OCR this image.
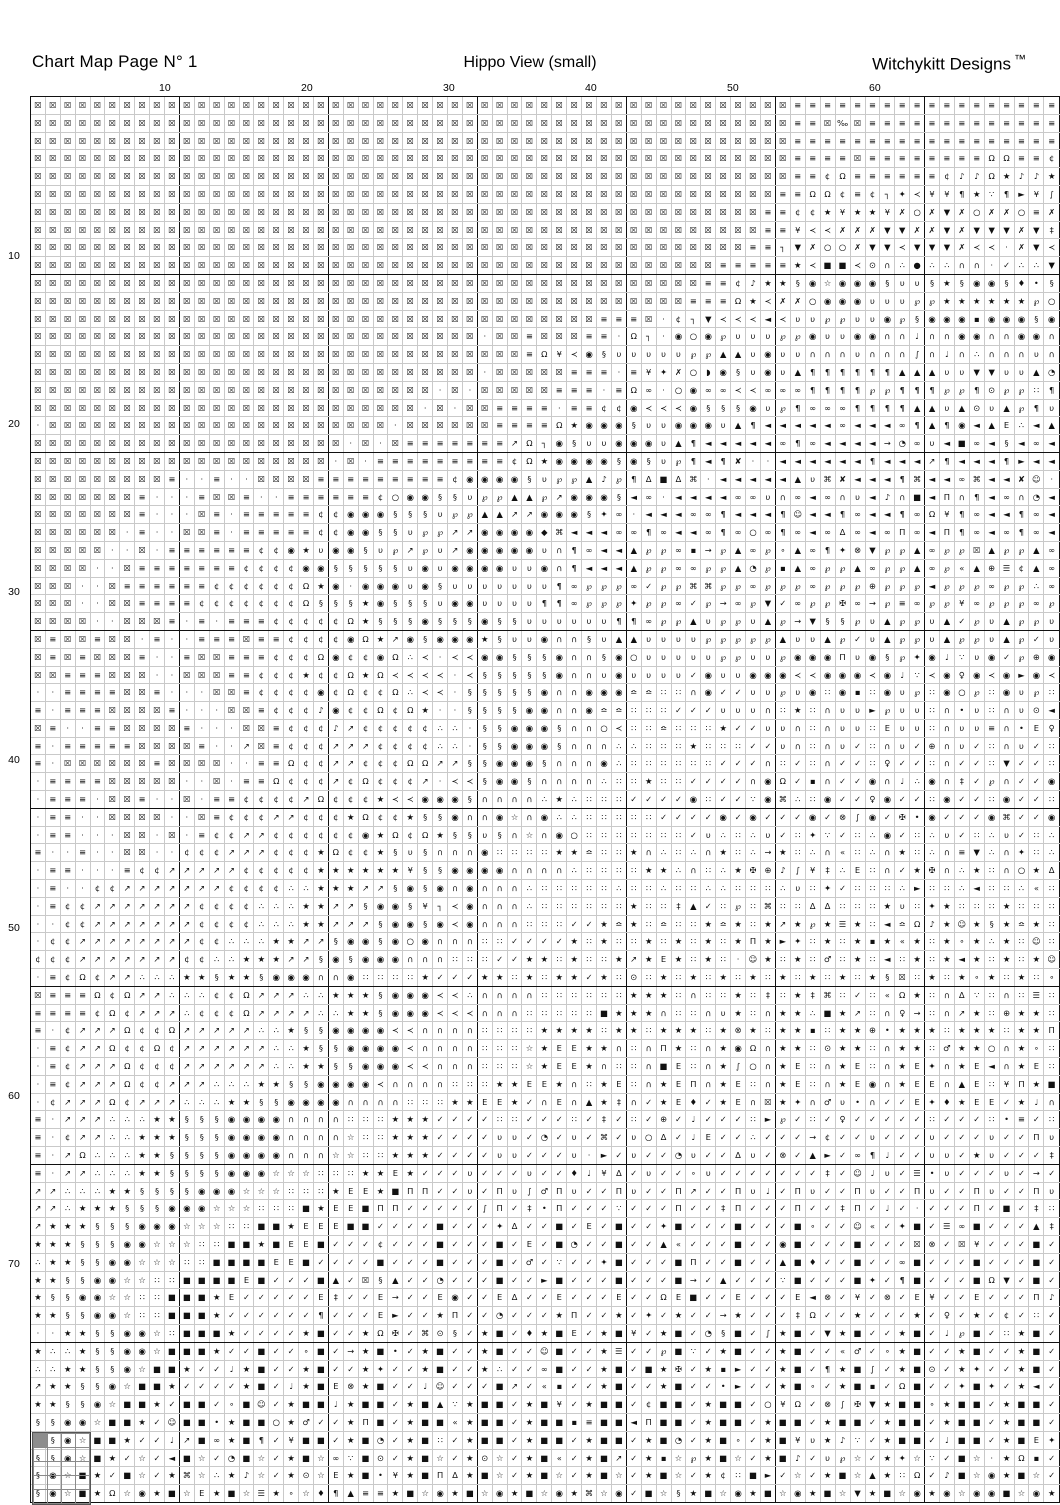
Chart Map Page N° 1	Hippo View (small)	Witchykitt Designs ™
10	20	30	40	50	60
10
20
30
40
50
60
70
☒	☒	☒	☒	☒	☒	☒	☒	☒	☒	☒	☒	☒	☒	☒	☒	☒	☒	☒	☒	☒	☒	☒	☒	☒	☒	☒	☒	☒	☒	☒	☒	☒	☒	☒	☒	☒	☒	☒	☒	☒	☒	☒	☒	☒	☒	☒	☒	☒	☒	☒	≡	≡	≡	≡	≡	≡	≡	≡	≡	≡	≡	≡	≡	≡	≡	≡	≡	≡
☒	☒	☒	☒	☒	☒	☒	☒	☒	☒	☒	☒	☒	☒	☒	☒	☒	☒	☒	☒	☒	☒	☒	☒	☒	☒	☒	☒	☒	☒	☒	☒	☒	☒	☒	☒	☒	☒	☒	☒	☒	☒	☒	☒	☒	☒	☒	☒	☒	☒	☒	≡	≡	☒	‰	☒	≡	≡	≡	≡	≡	≡	≡	≡	≡	≡	≡	≡	≡
☒	☒	☒	☒	☒	☒	☒	☒	☒	☒	☒	☒	☒	☒	☒	☒	☒	☒	☒	☒	☒	☒	☒	☒	☒	☒	☒	☒	☒	☒	☒	☒	☒	☒	☒	☒	☒	☒	☒	☒	☒	☒	☒	☒	☒	☒	☒	☒	☒	☒	☒	≡	≡	≡	≡	≡	≡	≡	≡	≡	≡	≡	≡	≡	≡	≡	≡	≡	≡
☒	☒	☒	☒	☒	☒	☒	☒	☒	☒	☒	☒	☒	☒	☒	☒	☒	☒	☒	☒	☒	☒	☒	☒	☒	☒	☒	☒	☒	☒	☒	☒	☒	☒	☒	☒	☒	☒	☒	☒	☒	☒	☒	☒	☒	☒	☒	☒	☒	☒	☒	≡	≡	≡	≡	☒	≡	≡	≡	≡	≡	≡	≡	≡	Ω	Ω	≡	≡	¢
☒	☒	☒	☒	☒	☒	☒	☒	☒	☒	☒	☒	☒	☒	☒	☒	☒	☒	☒	☒	☒	☒	☒	☒	☒	☒	☒	☒	☒	☒	☒	☒	☒	☒	☒	☒	☒	☒	☒	☒	☒	☒	☒	☒	☒	☒	☒	☒	☒	☒	☒	≡	≡	¢	Ω	≡	≡	≡	≡	≡	≡	¢	♪	♪	Ω	★	♪	♪	★
☒	☒	☒	☒	☒	☒	☒	☒	☒	☒	☒	☒	☒	☒	☒	☒	☒	☒	☒	☒	☒	☒	☒	☒	☒	☒	☒	☒	☒	☒	☒	☒	☒	☒	☒	☒	☒	☒	☒	☒	☒	☒	☒	☒	☒	☒	☒	☒	☒	☒	≡	≡	Ω	Ω	¢	≡	¢	┐	✦	≺	¥	¥	¶	★	∵	¶	►	¥	∫
☒	☒	☒	☒	☒	☒	☒	☒	☒	☒	☒	☒	☒	☒	☒	☒	☒	☒	☒	☒	☒	☒	☒	☒	☒	☒	☒	☒	☒	☒	☒	☒	☒	☒	☒	☒	☒	☒	☒	☒	☒	☒	☒	☒	☒	☒	☒	☒	☒	≡	≡	¢	¢	★	¥	★	★	¥	✗	○	✗	▼	✗	○	✗	✗	○	≡	✗
☒	☒	☒	☒	☒	☒	☒	☒	☒	☒	☒	☒	☒	☒	☒	☒	☒	☒	☒	☒	☒	☒	☒	☒	☒	☒	☒	☒	☒	☒	☒	☒	☒	☒	☒	☒	☒	☒	☒	☒	☒	☒	☒	☒	☒	☒	☒	☒	☒	≡	≡	¥	≺	≺	✗	✗	✗	▼	▼	✗	✗	▼	✗	▼	▼	▼	✗	▼	‡
☒	☒	☒	☒	☒	☒	☒	☒	☒	☒	☒	☒	☒	☒	☒	☒	☒	☒	☒	☒	☒	☒	☒	☒	☒	☒	☒	☒	☒	☒	☒	☒	☒	☒	☒	☒	☒	☒	☒	☒	☒	☒	☒	☒	☒	☒	☒	☒	≡	≡	┐	▼	✗	○	○	✗	▼	▼	≺	▼	▼	▼	✗	≺	≺	·	✗	▼	≺
☒	☒	☒	☒	☒	☒	☒	☒	☒	☒	☒	☒	☒	☒	☒	☒	☒	☒	☒	☒	☒	☒	☒	☒	☒	☒	☒	☒	☒	☒	☒	☒	☒	☒	☒	☒	☒	☒	☒	☒	☒	☒	☒	☒	☒	☒	≡	≡	≡	≡	≡	★	≺	■	■	≺	⊙	∩	∴	●	∴	∴	∩	∩	·	✓	∴	∴	▼
☒	☒	☒	☒	☒	☒	☒	☒	☒	☒	☒	☒	☒	☒	☒	☒	☒	☒	☒	☒	☒	☒	☒	☒	☒	☒	☒	☒	☒	☒	☒	☒	☒	☒	☒	☒	☒	☒	☒	☒	☒	☒	☒	☒	☒	≡	≡	¢	♪	★	★	§	◉	☆	◉	◉	◉	§	υ	υ	§	★	§	◉	◉	§	♦	•	§
☒	☒	☒	☒	☒	☒	☒	☒	☒	☒	☒	☒	☒	☒	☒	☒	☒	☒	☒	☒	☒	☒	☒	☒	☒	☒	☒	☒	☒	☒	☒	☒	☒	☒	☒	☒	☒	☒	☒	☒	☒	☒	☒	☒	≡	≡	≡	Ω	★	≺	✗	✗	○	◉	◉	◉	υ	υ	υ	℘	℘	★	★	★	★	★	★	℘	○
☒	☒	☒	☒	☒	☒	☒	☒	☒	☒	☒	☒	☒	☒	☒	☒	☒	☒	☒	☒	☒	☒	☒	☒	☒	☒	☒	☒	☒	☒	☒	☒	☒	☒	☒	☒	☒	☒	≡	≡	≡	☒	·	¢	┐	▼	≺	≺	≺	◄	≺	υ	υ	℘	℘	υ	υ	◉	℘	§	◉	◉	◉	▪	◉	◉	◉	§	◉
☒	☒	☒	☒	☒	☒	☒	☒	☒	☒	☒	☒	☒	☒	☒	☒	☒	☒	☒	☒	☒	☒	☒	☒	☒	☒	☒	☒	☒	☒	·	☒	☒	≡	☒	☒	☒	≡	≡	·	Ω	┐	·	◉	○	◉	℘	υ	υ	υ	℘	℘	◉	υ	υ	◉	◉	∩	∩	♩	∩	∩	◉	◉	∩	∩	◉	◉	∩
☒	☒	☒	☒	☒	☒	☒	☒	☒	☒	☒	☒	☒	☒	☒	☒	☒	☒	☒	☒	☒	☒	☒	☒	☒	☒	☒	☒	☒	☒	☒	☒	☒	≡	Ω	¥	≺	◉	§	υ	υ	υ	υ	υ	℘	℘	▲	▲	υ	◉	υ	υ	∩	∩	∩	υ	∩	∩	∩	∫	∩	♩	∩	∴	∩	∩	∩	υ	∩
☒	☒	☒	☒	☒	☒	☒	☒	☒	☒	☒	☒	☒	☒	☒	☒	☒	☒	☒	☒	☒	☒	☒	☒	☒	☒	☒	☒	☒	☒	·	☒	☒	☒	☒	☒	≡	≡	≡	·	≡	¥	✦	✗	○	◗	◉	§	υ	◉	υ	▲	¶	¶	¶	¶	¶	¶	▲	▲	▲	υ	υ	▼	▼	υ	υ	▲	◔
☒	☒	☒	☒	☒	☒	☒	☒	☒	☒	☒	☒	☒	☒	☒	☒	☒	☒	☒	☒	☒	☒	☒	☒	☒	☒	☒	·	☒	·	☒	☒	☒	☒	☒	≡	≡	≡	·	≡	Ω	∞	·	○	◉	∞	∞	≺	≺	∞	∞	∞	¶	¶	¶	¶	℘	℘	¶	¶	¶	℘	℘	¶	⊙	℘	℘	∷	¶
☒	☒	☒	☒	☒	☒	☒	☒	☒	☒	☒	☒	☒	☒	☒	☒	☒	☒	☒	☒	☒	☒	☒	☒	☒	☒	·	☒	·	☒	☒	≡	≡	≡	≡	·	≡	≡	¢	¢	◉	≺	≺	≺	◉	§	§	§	◉	υ	℘	¶	∞	∞	∞	¶	¶	¶	¶	▲	▲	υ	▲	⊙	υ	▲	℘	¶	υ
·	☒	☒	☒	☒	☒	☒	☒	☒	☒	☒	☒	☒	☒	☒	☒	☒	☒	☒	☒	☒	☒	☒	☒	·	☒	☒	☒	☒	☒	☒	≡	≡	≡	≡	Ω	★	◉	◉	◉	§	υ	υ	◉	◉	◉	υ	▲	¶	◄	◄	◄	◄	◄	∞	◄	◄	◄	∞	¶	▲	¶	◉	◄	▲	Ε	∴	◄	▲
☒	☒	☒	☒	☒	☒	☒	☒	☒	☒	☒	☒	☒	☒	☒	☒	☒	☒	☒	☒	☒	·	☒	·	☒	≡	≡	≡	≡	≡	≡	≡	↗	Ω	┐	◉	§	υ	υ	◉	◉	◉	υ	▲	¶	◄	◄	◄	◄	◄	∞	¶	∞	◄	◄	◄	◄	→	◔	∞	υ	◄	■	∞	◄	§	◄	∞	◄
☒	☒	☒	☒	☒	☒	☒	☒	☒	☒	☒	☒	☒	☒	☒	☒	☒	☒	☒	☒	·	☒	·	≡	≡	≡	≡	≡	≡	≡	≡	≡	¢	Ω	★	◉	◉	◉	◉	§	◉	§	υ	℘	¶	◄	¶	✘	·	·	◄	◄	◄	◄	◄	◄	¶	◄	◄	◄	↗	¶	◄	◄	◄	¶	►	◄	◄
☒	☒	☒	☒	☒	☒	☒	☒	☒	≡	·	·	≡	·	·	☒	☒	☒	☒	≡	≡	≡	≡	≡	≡	≡	≡	≡	¢	◉	◉	◉	◉	§	υ	℘	℘	▲	♪	℘	¶	∆	■	∆	⌘	·	◄	◄	◄	◄	◄	▲	υ	⌘	✘	◄	◄	◄	¶	⌘	◄	◄	∞	⌘	◄	◄	✘	☺	·
☒	☒	☒	☒	☒	☒	☒	≡	·	·	·	≡	☒	☒	≡	·	·	≡	≡	≡	≡	≡	≡	¢	○	◉	◉	§	§	υ	℘	℘	▲	▲	℘	↗	◉	◉	◉	§	◄	∞	·	◄	◄	◄	◄	∞	∞	υ	∩	∞	◄	∞	∩	υ	◄	♪	∩	■	◄	Π	∩	¶	◄	∞	∩	◔	◄
☒	☒	☒	☒	☒	☒	☒	≡	·	·	·	☒	≡	·	≡	≡	≡	≡	≡	¢	¢	◉	◉	◉	§	§	§	υ	℘	℘	▲	▲	↗	↗	◉	◉	◉	§	✦	∞	·	◄	◄	◄	∞	∞	¶	◄	◄	◄	¶	☺	◄	◄	¶	∞	◄	◄	¶	∞	Ω	¥	¶	∞	◄	◄	¶	∞	◄
☒	☒	☒	☒	☒	☒	·	≡	·	·	☒	☒	≡	·	≡	≡	≡	≡	≡	¢	¢	◉	◉	§	§	υ	℘	℘	↗	↗	◉	◉	◉	◉	◆	⌘	◄	◄	◄	∞	∞	¶	∞	◄	◄	∞	¶	∞	○	∞	¶	∞	◄	∞	∆	∞	◄	∞	Π	∞	◄	Π	¶	∞	◄	∞	¶	∞	◄
☒	☒	☒	☒	☒	·	·	☒	·	≡	≡	≡	≡	≡	≡	¢	¢	◉	★	υ	◉	◉	§	υ	℘	↗	℘	υ	↗	◉	◉	◉	◉	◉	υ	∩	¶	∞	◄	◄	▲	℘	℘	∞	▪	→	℘	▲	∞	℘	∘	▲	∞	¶	✦	⊗	▼	℘	℘	▲	∞	℘	℘	☒	▲	℘	℘	▲	∞
☒	☒	☒	☒	·	·	☒	≡	≡	≡	≡	≡	≡	≡	¢	¢	¢	¢	◉	◉	§	§	§	§	§	υ	◉	υ	◉	◉	◉	◉	υ	υ	◉	∩	¶	◄	◄	◄	▲	℘	℘	∞	∞	℘	℘	▲	◔	℘	▪	▲	∞	℘	℘	▲	∞	℘	℘	▲	∞	℘	«	▲	⊕	☰	¢	▲	∞
☒	☒	☒	·	·	☒	≡	≡	≡	≡	≡	≡	¢	¢	¢	¢	¢	¢	Ω	★	◉	·	◉	◉	◉	υ	◉	§	υ	υ	υ	υ	υ	υ	υ	¶	∞	℘	℘	℘	∞	✓	℘	℘	⌘	⌘	℘	℘	∞	℘	℘	℘	∞	℘	℘	℘	⊕	℘	℘	℘	◄	℘	℘	℘	∞	℘	℘	∴	∞
☒	☒	☒	·	·	☒	☒	≡	≡	≡	≡	¢	¢	¢	¢	¢	¢	¢	Ω	§	§	§	★	◉	§	§	§	υ	◉	◉	υ	υ	υ	υ	¶	¶	∞	℘	℘	℘	✦	℘	℘	∞	✓	℘	→	∞	℘	▼	✓	∞	℘	℘	✠	∞	→	℘	≡	∞	℘	℘	¥	∞	℘	℘	℘	∞	℘
☒	☒	☒	☒	·	·	☒	☒	☒	≡	·	≡	·	≡	≡	≡	¢	¢	¢	¢	¢	Ω	★	§	§	§	◉	§	§	§	◉	§	§	υ	υ	υ	υ	υ	υ	¶	¶	∞	℘	℘	▲	υ	℘	℘	υ	▲	℘	→	▼	§	§	℘	υ	▲	℘	℘	υ	▲	✓	℘	υ	▲	℘	℘	υ
☒	≡	☒	☒	≡	☒	☒	·	≡	·	·	≡	≡	≡	☒	≡	≡	¢	¢	¢	¢	◉	Ω	★	↗	◉	§	◉	◉	◉	★	§	υ	υ	◉	∩	∩	§	υ	▲	▲	υ	υ	υ	υ	℘	℘	℘	℘	℘	▲	υ	υ	▲	℘	✓	υ	▲	℘	℘	υ	▲	℘	℘	υ	▲	℘	✓	υ
☒	≡	☒	≡	☒	☒	☒	≡	·	·	≡	☒	☒	≡	≡	≡	¢	¢	¢	Ω	◉	¢	¢	◉	Ω	∴	≺	·	≺	≺	◉	◉	§	§	§	◉	∩	∩	§	◉	○	υ	υ	υ	υ	υ	℘	℘	υ	υ	℘	◉	◉	◉	Π	υ	◉	§	℘	✦	◉	♩	∵	υ	◉	✓	℘	⊕	◉
☒	☒	≡	≡	≡	☒	☒	☒	·	·	☒	☒	☒	≡	≡	¢	¢	¢	★	¢	¢	Ω	★	Ω	≺	≺	≺	≺	·	≺	§	§	§	§	§	◉	∩	∩	υ	◉	υ	υ	υ	υ	✓	◉	υ	υ	◉	◉	◉	≺	≺	◉	◉	◉	≺	◉	♩	∵	≺	◉	♀	◉	≺	◉	►	◉	≺
·	·	≡	≡	≡	≡	☒	☒	≡	·	·	·	☒	☒	≡	¢	¢	¢	¢	◉	¢	Ω	¢	¢	Ω	∴	≺	≺	·	§	§	§	§	§	◉	∩	∩	◉	◉	◉	≏	≏	∷	∷	∩	◉	✓	✓	υ	υ	℘	υ	◉	∷	◉	▪	∷	◉	υ	℘	∷	◉	○	℘	∷	◉	υ	℘	∷
≡	·	≡	≡	≡	☒	☒	☒	☒	≡	·	·	·	☒	☒	≡	¢	¢	¢	♪	◉	¢	¢	Ω	¢	Ω	★	·	·	§	§	§	§	◉	◉	∩	∩	◉	≏	≏	∷	∷	∷	✓	✓	✓	υ	υ	υ	∩	∷	★	∷	∩	υ	υ	►	℘	υ	υ	∷	∩	•	υ	∷	∩	υ	⊙	◄
☒	≡	·	·	≡	≡	☒	☒	☒	☒	≡	·	·	·	☒	☒	≡	¢	¢	¢	♪	↗	¢	¢	¢	¢	¢	∴	∴	·	§	§	◉	◉	◉	§	∩	∩	○	≺	∷	∷	≏	∷	∷	∷	★	✓	✓	υ	υ	∩	∷	∩	υ	υ	∷	Ε	υ	υ	∷	∩	υ	υ	≡	∩	•	Ε	♀
≡	·	≡	≡	≡	≡	≡	☒	☒	☒	☒	≡	·	·	↗	☒	≡	¢	¢	¢	↗	↗	↗	¢	¢	¢	¢	∴	∴	·	§	§	◉	◉	◉	§	∩	∩	∩	∴	∴	∷	∷	∷	★	∷	∷	∷	✓	✓	υ	∩	∷	∩	υ	✓	∷	∩	υ	✓	⊕	∩	υ	✓	∷	∩	υ	✓	∷
≡	·	☒	☒	☒	☒	☒	☒	≡	☒	☒	☒	☒	·	·	≡	≡	Ω	¢	¢	↗	↗	¢	¢	¢	Ω	Ω	↗	↗	§	§	◉	◉	◉	§	∩	∩	∩	◉	∴	∷	∷	∷	∷	∷	∷	✓	✓	✓	∩	∷	✓	∷	∩	✓	✓	∷	♀	✓	✓	∷	∩	✓	✓	∷	▼	✓	✓	∷
·	≡	≡	≡	≡	☒	☒	☒	☒	☒	·	·	☒	·	≡	≡	Ω	¢	¢	¢	↗	¢	Ω	¢	¢	¢	↗	·	≺	≺	§	◉	◉	§	∩	∩	∩	∩	∴	∷	∷	★	∷	∷	✓	✓	✓	✓	∩	◉	Ω	✓	▪	∩	✓	✓	◉	∩	♩	∴	◉	∩	‡	✓	℘	∩	✓	✓	◉
·	≡	≡	≡	·	☒	☒	≡	·	·	☒	·	≡	≡	¢	¢	¢	¢	↗	Ω	¢	¢	¢	★	≺	≺	◉	◉	◉	§	∩	∩	∩	∩	∴	★	∴	∷	∷	∷	✓	✓	✓	✓	◉	∷	✓	✓	∵	◉	⌘	∴	∷	◉	✓	✓	♀	◉	✓	✓	∷	◉	✓	✓	∷	◉	✓	✓	∷
·	≡	≡	·	·	☒	☒	☒	☒	·	·	☒	≡	¢	¢	¢	↗	↗	¢	¢	¢	★	Ω	¢	¢	★	§	§	◉	∩	∩	◉	☆	∩	◉	∴	∴	∷	∷	∷	∷	∷	✓	✓	✓	✓	◉	✓	◉	✓	✓	✓	◉	✓	⊗	∫	◉	✓	✠	•	◉	✓	✓	✓	◉	⌘	✓	✓	◉
·	≡	≡	·	·	·	☒	☒	·	☒	·	≡	¢	¢	↗	↗	¢	¢	¢	¢	¢	¢	◉	★	Ω	¢	Ω	★	§	§	υ	§	∩	☆	∩	◉	○	∷	∷	∷	∷	∷	∷	∷	✓	υ	∴	∷	∴	υ	✓	∷	✦	∵	✓	∷	∴	◉	✓	∷	∴	υ	✓	∷	∴	υ	✓	∷	∴
≡	·	·	≡	·	·	☒	☒	·	·	¢	¢	¢	↗	↗	↗	¢	¢	¢	★	Ω	¢	¢	★	§	υ	§	∩	∩	∩	◉	∷	∷	∷	∷	★	★	≏	∷	∷	★	∩	∴	∷	∴	∩	★	∷	∴	→	★	∷	∴	∩	«	∷	∴	∩	★	∷	∴	∩	≡	▼	∴	∩	✦	∷	∴
·	≡	≡	·	·	·	≡	¢	¢	↗	↗	↗	↗	↗	¢	¢	¢	¢	¢	★	★	★	★	★	★	¥	§	§	◉	◉	◉	◉	∩	∩	∩	∩	∴	∷	∷	∷	∷	★	★	∴	∩	∷	∴	★	✠	⊕	♪	∫	¥	‡	∴	Ε	∷	∩	✓	★	✠	∩	∴	★	∷	∩	○	★	∆
·	≡	·	·	¢	¢	↗	↗	↗	↗	↗	↗	↗	¢	¢	¢	¢	∴	∴	★	★	★	↗	↗	§	◉	§	◉	∩	◉	∩	∩	∩	∴	∷	∷	∷	∷	∷	∴	∷	∷	∴	∷	∷	∴	∴	∷	∷	∷	∴	υ	∷	✦	✓	∷	∷	∷	∴	►	∷	∷	∴	◄	∷	∷	∴	«	∷
·	≡	¢	¢	↗	↗	↗	↗	↗	↗	↗	¢	¢	¢	¢	∴	∴	∴	★	★	↗	↗	§	◉	◉	§	¥	┐	≺	◉	∩	∩	∩	∴	∷	∷	∷	∷	∷	∷	★	∷	∷	‡	▲	✓	∷	℘	∷	⌘	∷	∷	∆	∆	∷	∷	∷	★	υ	∷	✦	★	∷	∷	∷	★	∷	∷	∷
·	·	¢	¢	↗	↗	↗	↗	↗	↗	↗	¢	¢	¢	¢	∴	∴	∴	★	★	↗	↗	↗	§	◉	◉	§	◉	≺	◉	∩	∩	∩	∷	∷	∷	✓	✓	★	≏	★	∷	≏	∷	∷	★	≏	★	∷	★	↗	★	℘	★	☰	★	∷	◄	≏	Ω	♪	★	☺	★	§	★	≏	★	∷
·	¢	¢	↗	↗	↗	↗	↗	↗	↗	↗	¢	¢	∴	∴	∴	★	★	↗	↗	§	◉	◉	§	◉	○	◉	∩	∩	∩	∷	∷	✓	✓	✓	✓	★	∷	★	∷	∷	★	∷	★	∷	★	∷	★	Π	★	►	✦	∷	★	∷	★	▪	★	«	★	∷	★	∘	★	∴	★	∷	☺	∷
¢	¢	¢	↗	↗	↗	↗	↗	↗	↗	¢	¢	∴	∴	★	★	★	↗	↗	§	◉	§	◉	◉	◉	∩	∩	∩	∷	∷	∷	✓	✓	★	★	∷	★	∷	∷	★	↗	★	Ε	★	∷	★	∷	·	☺	★	∷	★	∷	♂	∷	★	∷	◄	∷	★	∷	★	◄	★	∷	★	∷	★	☺
·	≡	¢	Ω	¢	↗	↗	∴	∴	∴	★	★	§	★	★	§	◉	◉	◉	∩	∩	◉	∷	∷	∷	∷	★	✓	✓	✓	★	★	∷	★	∷	★	★	✓	★	∷	⊙	∷	★	∷	★	∷	★	∷	★	∷	★	∷	★	∷	★	∷	★	§	☒	∷	★	∷	★	∘	★	∷	★	∷	∘
☒	≡	≡	≡	Ω	¢	Ω	↗	↗	∴	∴	∴	¢	¢	Ω	↗	↗	↗	∴	∴	★	★	★	§	◉	◉	◉	≺	≺	∴	∩	∩	∩	∩	∷	∷	∷	∷	∷	∷	★	★	★	∷	∩	∷	∷	★	∷	‡	∷	★	‡	⌘	∷	✓	∷	«	Ω	★	∷	∩	∆	∵	∷	∩	∷	☰	∷
≡	≡	≡	≡	¢	Ω	¢	↗	↗	↗	∴	¢	¢	¢	Ω	↗	↗	↗	↗	∴	∴	★	★	§	◉	◉	◉	≺	≺	≺	∩	∩	∩	∷	∷	∷	∷	∷	■	★	★	★	∩	∷	∷	∩	υ	★	∷	∩	★	★	∴	■	★	↗	∷	∩	♀	→	∷	∩	↗	★	∷	⊕	★	★	∷
≡	·	¢	↗	↗	↗	Ω	¢	¢	Ω	↗	↗	↗	↗	↗	∴	∴	★	§	§	◉	◉	◉	◉	≺	≺	∩	∩	∩	∩	∷	∷	∷	∷	★	★	★	★	∷	★	★	∷	★	★	★	∷	★	⊗	★	∷	★	★	▪	∷	★	★	⊕	•	★	★	★	∷	★	★	★	∷	★	★	Π
·	≡	¢	↗	↗	Ω	¢	¢	Ω	¢	↗	↗	↗	↗	↗	↗	∴	∴	★	§	§	◉	◉	◉	◉	≺	∩	∩	∩	∩	∷	∷	∷	☆	★	Ε	Ε	★	★	∩	∷	∩	Π	★	∷	∩	★	◉	Ω	∩	★	★	∷	⊙	★	★	∷	∩	★	★	∷	♂	★	★	○	∩	★	∘	∷
·	≡	¢	↗	↗	↗	Ω	¢	¢	¢	↗	↗	↗	↗	↗	↗	∴	∴	★	★	§	§	◉	◉	◉	≺	≺	∩	∩	∩	∷	∷	∷	☆	★	Ε	Ε	★	∩	∷	∷	∩	■	Ε	∷	∩	★	∫	○	∩	★	Ε	∷	∩	★	Ε	∷	∩	★	Ε	✦	∩	★	Ε	◄	∩	★	Ε	∷
·	≡	¢	↗	↗	↗	Ω	¢	¢	↗	↗	↗	∴	∴	∴	★	★	§	§	◉	◉	◉	◉	≺	∩	∩	∩	∩	∷	∷	∷	★	★	Ε	Ε	★	∩	∷	★	Ε	∷	∩	★	Ε	Π	∩	★	Ε	∷	∩	★	Ε	∷	∩	★	Ε	◉	∩	★	Ε	Ε	∩	▲	Ε	∷	¥	Π	★	■
·	¢	↗	↗	↗	Ω	¢	↗	↗	↗	∴	∴	∴	★	★	§	§	◉	◉	◉	◉	∩	∩	∩	∩	∷	∷	∷	★	★	Ε	Ε	★	✓	∩	Ε	∩	▲	★	‡	∩	✓	★	Ε	♦	✓	★	Ε	∩	☒	★	✦	∩	♂	υ	•	∩	✓	✓	Ε	✦	♦	★	Ε	Ε	✓	★	♩	∩
≡	·	↗	↗	↗	∴	∴	∴	★	★	§	§	§	◉	◉	◉	◉	∩	∩	∩	∩	∷	∷	∷	★	★	★	✓	✓	✓	✓	∷	∷	✓	✓	✓	∷	✓	‡	✓	∷	✓	⊕	✓	♩	✓	✓	✓	∷	►	℘	✓	∷	✓	♀	✓	✓	✓	✓	✓	∷	✓	✓	✓	∷	•	≡	✓	∷
≡	·	¢	↗	↗	∴	∴	★	★	★	§	§	§	◉	◉	◉	◉	∩	∩	∩	∩	☆	∷	∷	★	★	★	✓	✓	✓	✓	υ	υ	✓	◔	✓	υ	✓	⌘	✓	υ	○	∆	✓	♩	Ε	✓	✓	∴	✓	✓	✓	→	¢	✓	✓	υ	✓	✓	✓	υ	✓	✓	✓	υ	✓	✓	Π	υ
≡	·	↗	Ω	∴	∴	∴	★	★	§	§	§	§	◉	◉	◉	◉	∩	∩	∩	☆	☆	∷	∷	★	★	★	✓	✓	✓	✓	υ	υ	✓	✓	✓	υ	·	►	✓	υ	✓	✓	◔	υ	✓	✓	∆	υ	✓	⊗	✓	▲	►	✓	∞	¶	♩	✓	✓	υ	υ	✓	★	υ	✓	✓	✓	‡
≡	·	↗	↗	∴	∴	∴	★	★	§	§	§	§	◉	◉	◉	☆	☆	☆	∷	∷	∷	★	★	Ε	★	✓	✓	✓	υ	✓	✓	✓	υ	✓	✓	♦	♩	¥	∆	✓	υ	✓	✓	∘	υ	✓	✓	✓	✓	✓	✓	✓	‡	✓	☺	♩	υ	✓	☰	•	υ	✓	✓	✓	υ	✓	→	✓
↗	↗	∴	∴	∴	★	★	§	§	§	§	◉	◉	◉	☆	☆	☆	∷	∷	∷	★	Ε	Ε	★	■	Π	Π	✓	✓	υ	✓	Π	υ	∫	♂	Π	υ	✓	✓	Π	υ	✓	✓	Π	↗	✓	✓	Π	υ	♩	✓	Π	υ	✓	✓	Π	υ	✓	✓	Π	υ	✓	✓	Π	υ	✓	✓	Π	υ
↗	↗	∴	★	★	★	§	§	§	◉	◉	◉	☆	☆	☆	∷	∷	∷	■	★	Ε	Ε	■	Π	Π	✓	✓	✓	✓	✓	∫	Π	✓	‡	•	Π	✓	✓	✓	∵	✓	✓	✓	Π	✓	✓	‡	Π	✓	✓	✓	Π	✓	✓	‡	Π	✓	♩	✓	·	✓	✓	✓	Π	✓	■	✓	‡	∷
↗	★	★	★	§	§	§	◉	◉	◉	☆	☆	☆	∷	∷	■	■	★	Ε	Ε	Ε	■	■	✓	✓	✓	✓	■	✓	✓	✓	✦	∆	✓	✓	■	✓	Ε	✓	■	✓	✓	✦	■	✓	✓	✓	■	✓	✓	✓	■	∘	✓	✓	☺	«	✓	✦	■	✓	☰	∞	■	✓	✓	✓	▲	‡
★	★	★	§	§	§	◉	◉	☆	☆	☆	∷	∷	■	■	★	■	Ε	Ε	■	✓	✓	✓	¢	✓	✓	✓	■	✓	✓	✓	■	✓	Ε	✓	■	◔	✓	✓	■	✓	✓	▲	«	✓	✓	✓	■	✓	✓	◉	■	✓	✓	✓	■	✓	✓	✓	☒	⊗	✓	☒	¥	✓	✓	✓	■	✓
∴	★	★	§	§	◉	◉	☆	☆	☆	∷	∷	■	■	■	■	Ε	Ε	■	✓	✓	✓	✓	■	✓	✓	✓	■	✓	✓	✓	■	✓	♂	✓	∵	✓	✓	✦	■	✓	✓	✓	■	Π	✓	✓	■	✓	✓	▲	■	♦	✓	✓	■	✓	✓	∞	■	✓	✓	✓	■	✓	✓	✓	■	✓
★	★	§	§	◉	◉	☆	☆	∷	∷	■	■	■	■	Ε	■	✓	✓	✓	■	▲	✓	☒	§	▲	✓	✓	◔	✓	✓	✓	■	✓	✓	►	■	✓	✓	✓	■	✓	✓	✓	■	→	✓	▲	✓	✓	✓	∵	■	✓	✓	✓	■	✦	✓	¶	■	✓	✓	✓	■	Ω	▼	✓	■	✓
★	§	§	◉	◉	☆	☆	∷	∷	■	■	■	★	Ε	✓	✓	✓	✓	✓	Ε	‡	✓	✓	Ε	→	✓	✓	Ε	◉	✓	✓	Ε	∆	✓	✓	Ε	✓	✓	✓	Ε	✓	✓	Ω	Ε	■	✓	✓	Ε	✓	✓	✓	Ε	◄	⊗	✓	¥	✓	⊗	✓	Ε	¥	✓	✓	Ε	✓	✓	✓	Π	♪
★	★	§	§	◉	◉	☆	∷	∷	■	■	■	★	✓	✓	✓	✓	✓	✓	¶	✓	✓	✓	Ε	►	✓	✓	★	Π	✓	✓	◔	✓	✓	✓	★	Π	✓	✓	★	✓	✦	✓	★	✓	✓	→	★	✓	✓	✓	‡	Ω	✓	✓	★	✓	✓	✓	★	✓	♀	✓	★	✓	¢	✓	∷	✓
·	·	★	★	§	§	◉	◉	☆	∷	■	■	■	★	✓	✓	✓	✓	★	■	✓	✓	★	Ω	✠	✓	⌘	⊙	§	✓	★	■	✓	♦	★	■	Ε	✓	★	■	¥	✓	★	■	✓	◔	§	■	✓	∫	★	■	✓	▼	★	■	✓	✓	★	■	✓	♩	℘	■	✓	∷	★	■	✓
★	∴	∴	★	§	§	◉	◉	☆	■	■	■	★	✓	✓	■	✓	✓	∘	■	✓	→	★	■	•	✓	★	■	✓	✓	★	■	✓	✓	☺	■	✓	✓	★	☰	✓	✓	℘	■	∵	✓	★	■	✓	✓	★	■	✓	✓	«	♂	✓	∘	★	■	✓	✓	★	■	✓	✓	★	■	✓
∴	∴	★	★	§	§	◉	☆	■	■	★	✓	✓	♩	★	■	✓	✓	★	■	✓	✓	★	✦	✓	✓	★	■	✓	✓	★	∴	✓	✓	∞	■	✓	✓	★	■	✓	■	★	✠	✓	★	▪	►	✓	✓	★	■	✓	¶	★	■	∫	✓	★	■	⊙	✓	★	✦	✓	✓	★	■	✓
↗	★	★	§	§	◉	☆	■	■	★	✓	✓	✓	✓	★	■	✓	♩	★	■	Ε	⊗	★	■	✓	✓	♩	☺	✓	✓	✓	■	↗	✓	«	▪	✓	✓	★	■	✓	✓	★	■	✓	✓	•	►	✓	✓	★	■	∘	✓	★	■	▪	✓	Ω	■	✓	✓	✦	■	✦	✓	★	◄	✓
★	★	§	§	◉	☆	■	■	★	✓	■	■	✓	∘	■	☺	✓	★	■	■	♩	★	■	■	✓	★	■	▲	∵	★	■	■	✓	★	■	¥	✓	★	■	■	✓	¢	■	■	✓	★	■	■	✓	○	¥	Ω	✓	⊗	∫	✠	▼	★	■	■	∘	★	■	■	✓	★	■	■	✓
§	§	◉	◉	☆	■	■	★	✓	☺	■	■	•	★	■	■	○	★	♂	✓	✓	★	Π	■	✓	★	■	■	«	★	■	■	✓	★	■	■	▪	≡	■	■	◄	Π	■	■	✓	★	■	■	✓	★	■	■	✓	★	■	■	✓	★	■	■	✓	★	■	■	✓	★	■	■	✓
	§	◉	☆	■	■	★	✓	✓	♩	↗	■	∞	★	■	¶	✓	¥	■	■	✓	★	■	◔	✓	★	■	∷	✓	★	■	■	✓	★	■	■	✓	★	■	■	✓	★	■	◔	✓	★	■	∘	✓	★	■	¥	υ	★	♪	∵	✓	★	■	■	✓	♩	■	■	✓	★	■	Ε	✦
§	§	◉	☆	■	★	✓	☆	✓	◄	■	☆	✓	◔	■	☆	✓	★	■	☆	∞	∵	■	⊙	✓	★	■	☆	✓	★	⊙	☆	✓	★	■	«	✓	★	■	↗	✓	★	▪	☆	℘	★	■	☆	✓	★	■	♪	✓	υ	℘	☆	✓	★	✦	☆	∵	✓	■	☆	·	★	Ω	▪	✓
§	◉	☆	■	★	✓	■	☆	✓	★	⌘	☆	∴	★	♪	☆	✓	★	⊙	☆	Ε	★	■	•	¥	★	■	Π	∆	★	■	☆	✓	★	■	☆	✓	★	■	☆	✓	★	■	☆	✓	★	¢	∷	■	►	✓	☆	✓	★	■	☆	▲	★	∷	Ω	✓	♪	■	☆	◉	★	■	☆	✓
§	◉	☆	■	★	Ω	☆	◉	★	■	☆	Ε	★	■	☆	☰	★	∘	☆	♦	¶	▲	≡	≡	★	■	☆	◉	★	■	☆	◉	★	■	☆	◉	★	⌘	☆	◉	✓	■	☆	§	★	■	☆	◉	★	■	☆	◉	★	■	☆	▼	★	■	☆	◉	★	◉	☆	◉	◉	■	☆	◉	★
